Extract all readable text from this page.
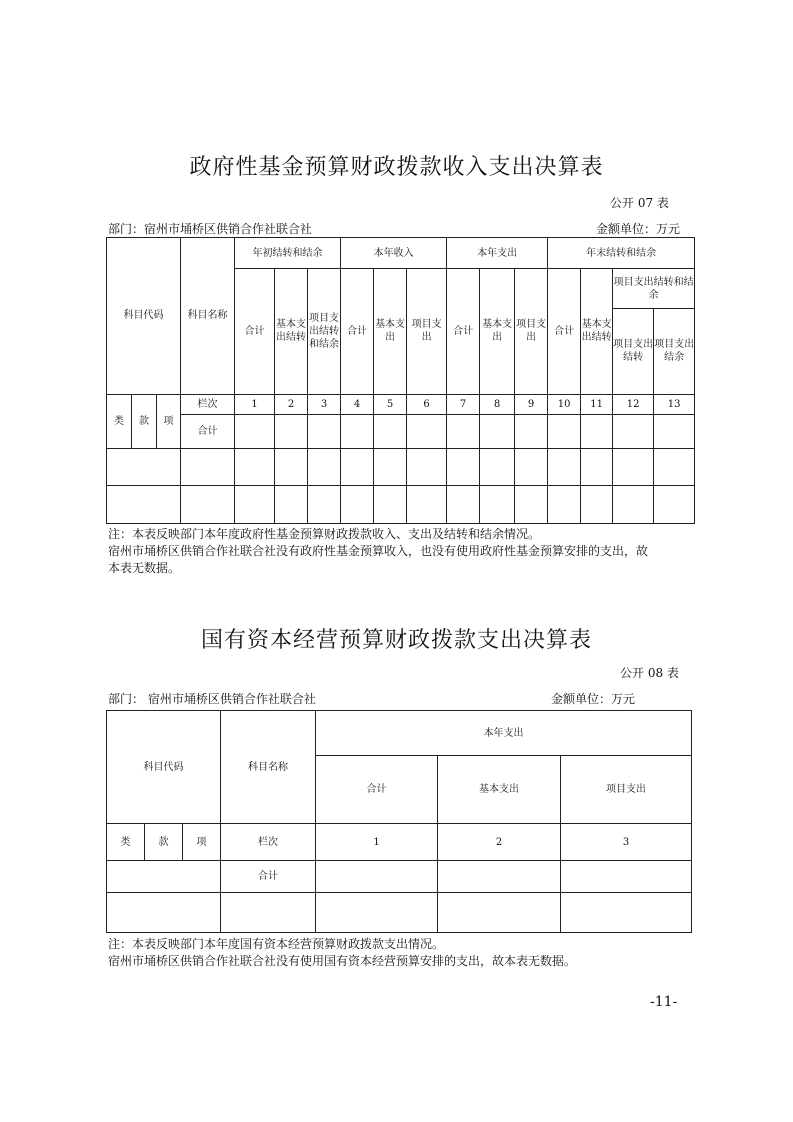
政府性基金预算财政拨款收入支出决算表
公开 07 表
部门：宿州市埇桥区供销合作社联合社	金额单位：万元
科目代码			科目名称	年初结转和结余			本年收入			本年支出			年末结转和结余			
				合计	基本支出结转	项目支出结转和结余	合计	基本支出	项目支出	合计	基本支出	项目支出	合计	基本支出结转	项目支出结转和结余	
															项目支出结转	项目支出结余
类	款	项	栏次	1	2	3	4	5	6	7	8	9	10	11	12	13
			合计													

注：本表反映部门本年度政府性基金预算财政拨款收入、支出及结转和结余情况。
宿州市埇桥区供销合作社联合社没有政府性基金预算收入，也没有使用政府性基金预算安排的支出，故
本表无数据。
国有资本经营预算财政拨款支出决算表
公开 08 表
部门： 宿州市埇桥区供销合作社联合社	金额单位：万元
科目代码			科目名称	本年支出		
				合计	基本支出	项目支出
类	款	项	栏次	1	2	3
			合计			

注：本表反映部门本年度国有资本经营预算财政拨款支出情况。
宿州市埇桥区供销合作社联合社没有使用国有资本经营预算安排的支出，故本表无数据。
-11-
